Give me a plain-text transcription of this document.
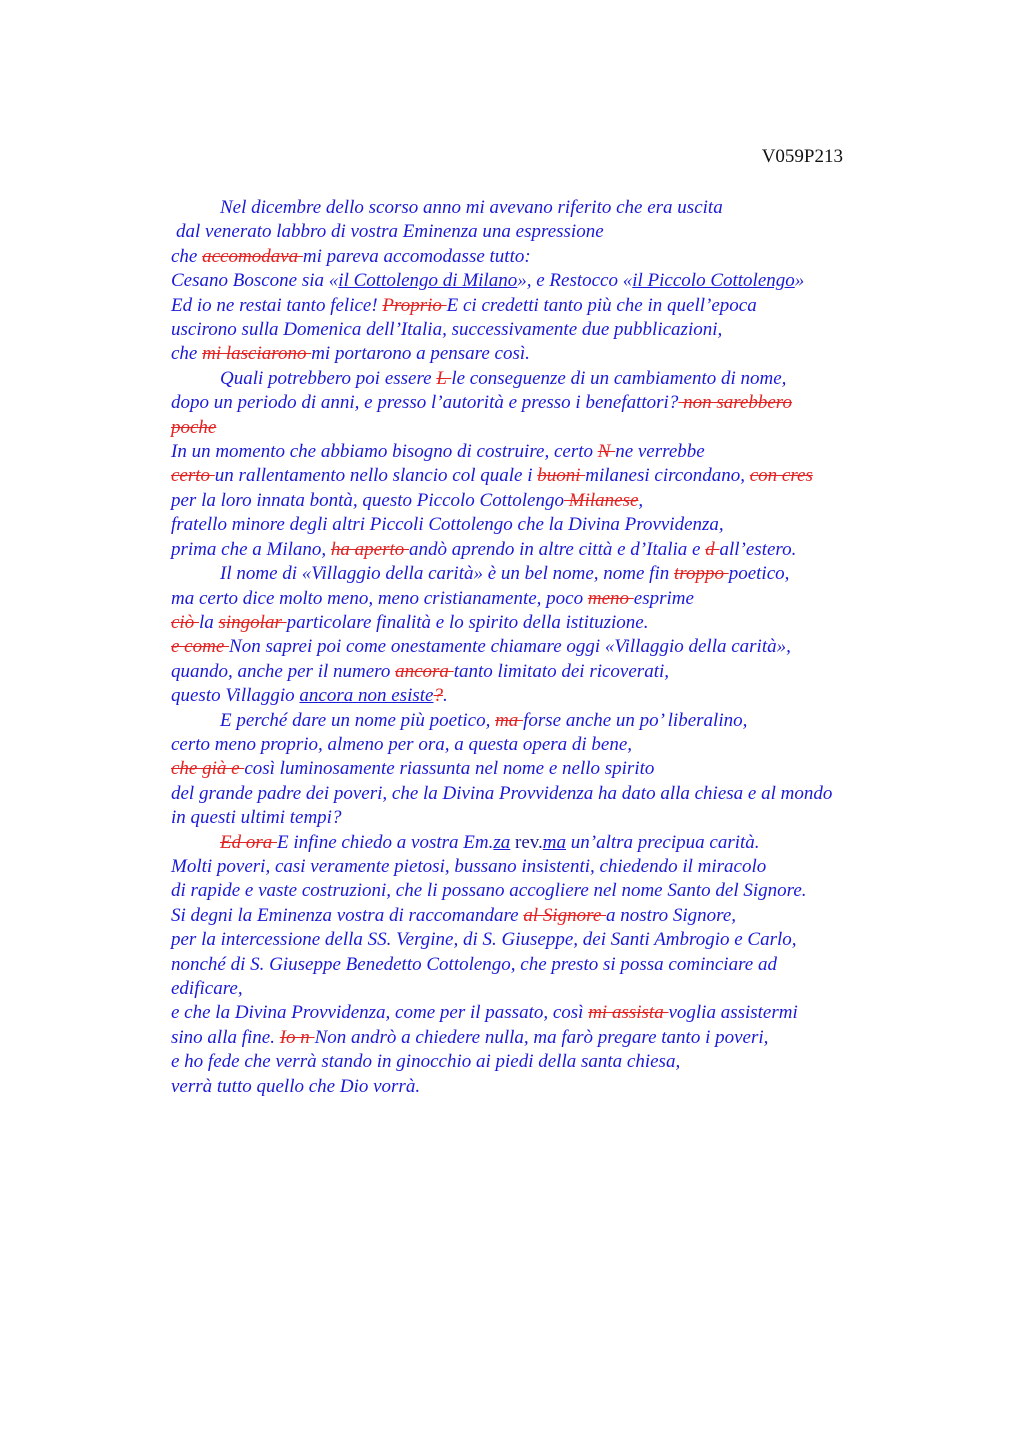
V059P213
Nel dicembre dello scorso anno mi avevano riferito che era uscita
dal venerato labbro di vostra Eminenza una espressione
che accomodava mi pareva accomodasse tutto:
Cesano Boscone sia «il Cottolengo di Milano», e Restocco «il Piccolo Cottolengo»
Ed io ne restai tanto felice! Proprio E ci credetti tanto più che in quell’epoca
uscirono sulla Domenica dell’Italia, successivamente due pubblicazioni,
che mi lasciarono mi portarono a pensare così.
Quali potrebbero poi essere L le conseguenze di un cambiamento di nome,
dopo un periodo di anni, e presso l’autorità e presso i benefattori? non sarebbero
poche
In un momento che abbiamo bisogno di costruire, certo N ne verrebbe
certo un rallentamento nello slancio col quale i buoni milanesi circondano, con cres
per la loro innata bontà, questo Piccolo Cottolengo Milanese,
fratello minore degli altri Piccoli Cottolengo che la Divina Provvidenza,
prima che a Milano, ha aperto andò aprendo in altre città e d’Italia e d all’estero.
Il nome di «Villaggio della carità» è un bel nome, nome fin troppo poetico,
ma certo dice molto meno, meno cristianamente, poco meno esprime
ciò la singolar particolare finalità e lo spirito della istituzione.
e come Non saprei poi come onestamente chiamare oggi «Villaggio della carità»,
quando, anche per il numero ancora tanto limitato dei ricoverati,
questo Villaggio ancora non esiste?.
E perché dare un nome più poetico, ma forse anche un po’ liberalino,
certo meno proprio, almeno per ora, a questa opera di bene,
che già e così luminosamente riassunta nel nome e nello spirito
del grande padre dei poveri, che la Divina Provvidenza ha dato alla chiesa e al mondo
in questi ultimi tempi?
Ed ora E infine chiedo a vostra Em.za rev.ma un’altra precipua carità.
Molti poveri, casi veramente pietosi, bussano insistenti, chiedendo il miracolo
di rapide e vaste costruzioni, che li possano accogliere nel nome Santo del Signore.
Si degni la Eminenza vostra di raccomandare al Signore a nostro Signore,
per la intercessione della SS. Vergine, di S. Giuseppe, dei Santi Ambrogio e Carlo,
nonché di S. Giuseppe Benedetto Cottolengo, che presto si possa cominciare ad
edificare,
e che la Divina Provvidenza, come per il passato, così mi assista voglia assistermi
sino alla fine. Io n Non andrò a chiedere nulla, ma farò pregare tanto i poveri,
e ho fede che verrà stando in ginocchio ai piedi della santa chiesa,
verrà tutto quello che Dio vorrà.
